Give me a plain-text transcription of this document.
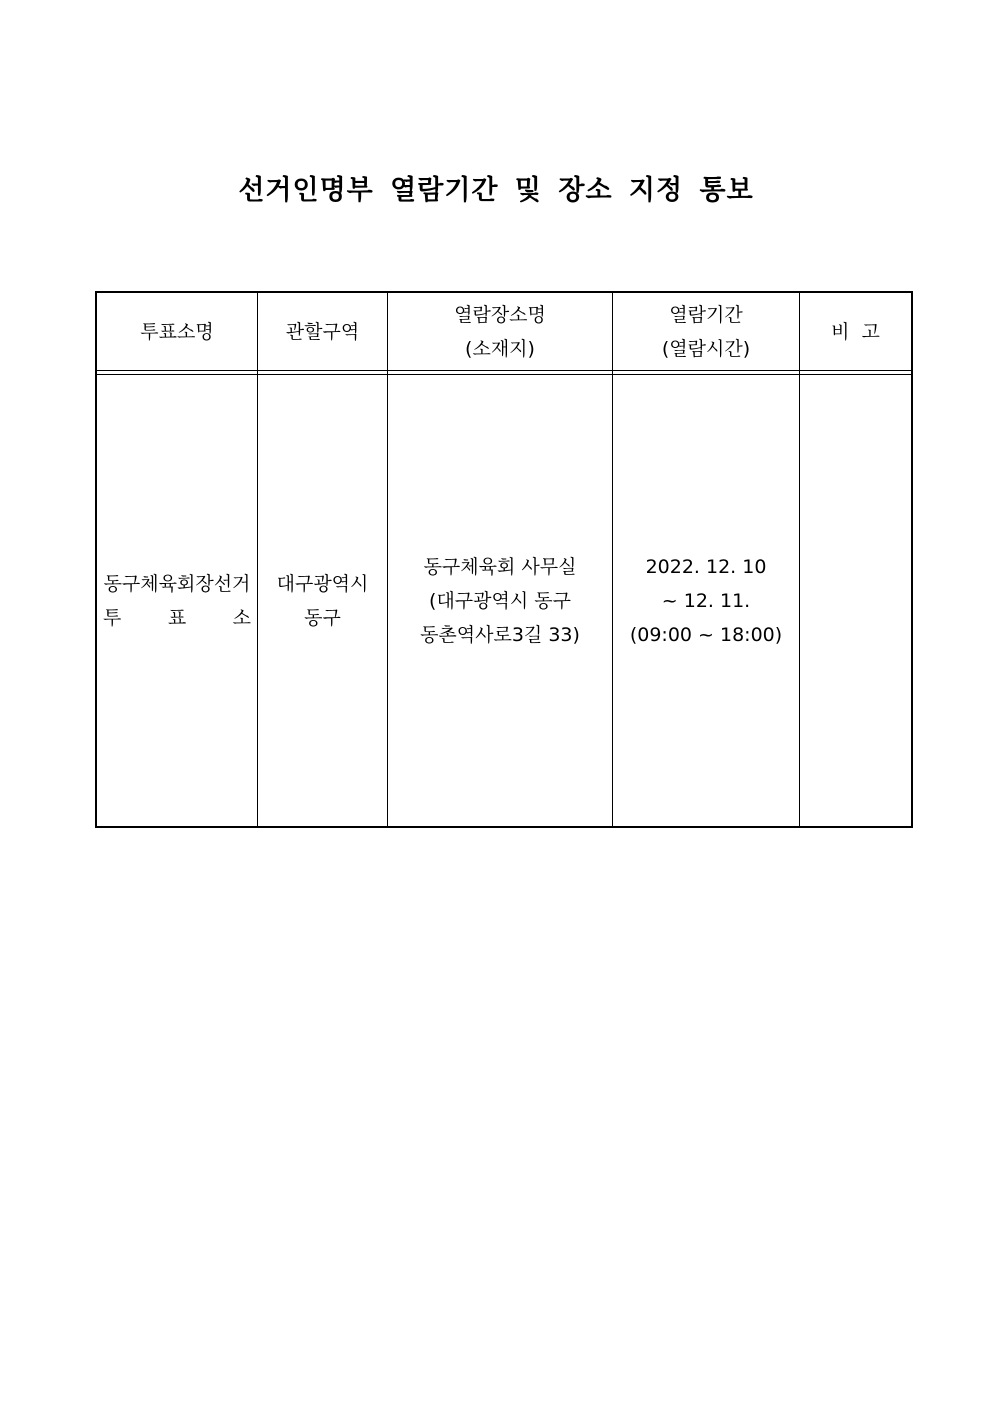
선거인명부 열람기간 및 장소 지정 통보
투표소명	관할구역
열람장소명
(소재지)
열람기간
(열람시간)
비  고
동구체육회장선거
투 표 소
대구광역시
동구
동구체육회 사무실
(대구광역시 동구
동촌역사로3길 33)
2022. 12. 10
~ 12. 11.
(09:00 ~ 18:00)
